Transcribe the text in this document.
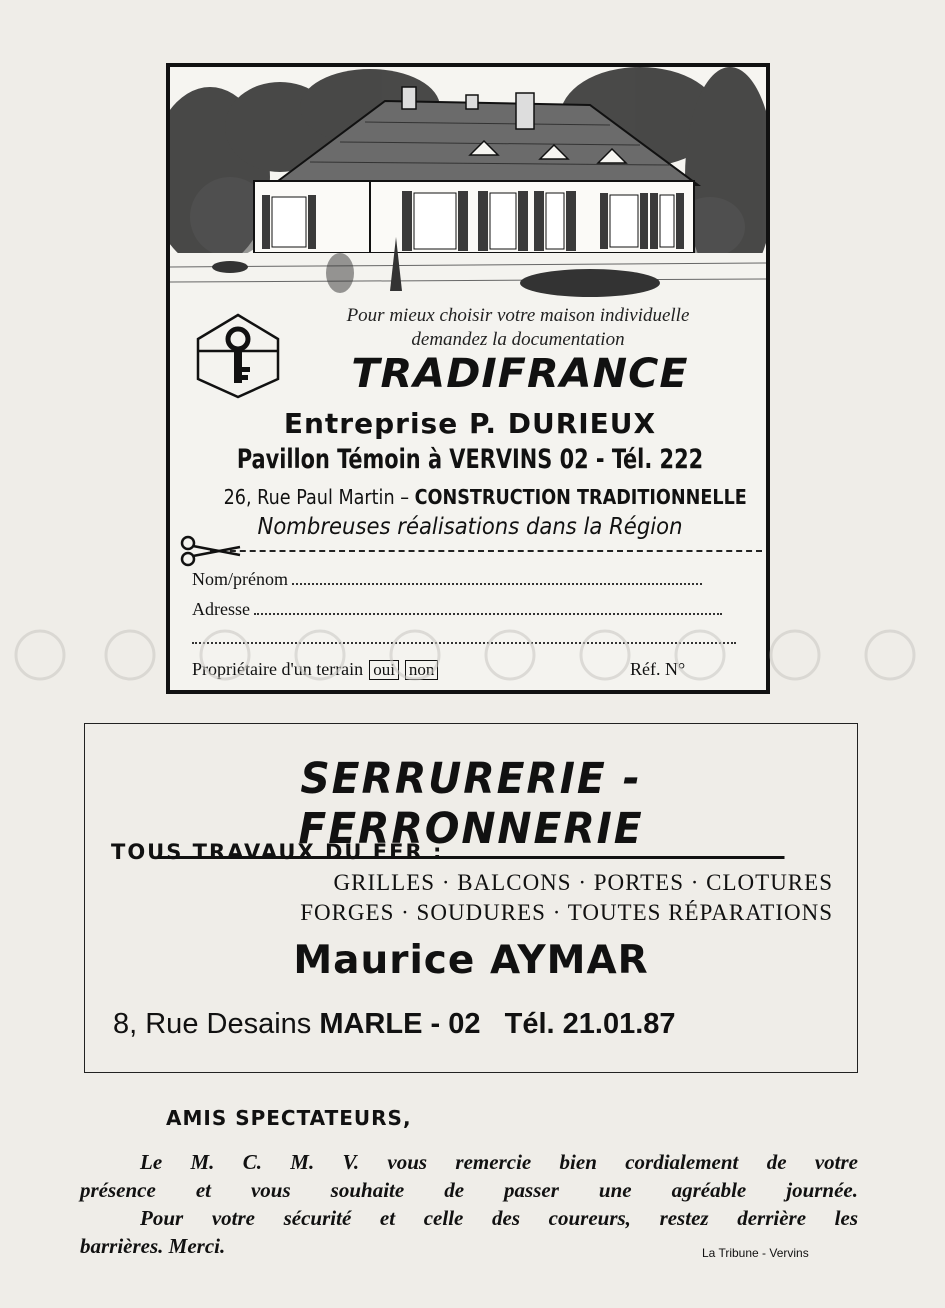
Pour mieux choisir votre maison individuelle
demandez la documentation
TRADIFRANCE
Entreprise P. DURIEUX
Pavillon Témoin à VERVINS 02 - Tél. 222
26, Rue Paul Martin – CONSTRUCTION TRADITIONNELLE
Nombreuses réalisations dans la Région
Nom/prénom
Adresse
Propriétaire d'un terrain oui non	Réf. N°
SERRURERIE - FERRONNERIE
TOUS TRAVAUX DU FER :
GRILLES · BALCONS · PORTES · CLOTURES
FORGES · SOUDURES · TOUTES RÉPARATIONS
Maurice AYMAR
8, Rue Desains MARLE - 02 Tél. 21.01.87
AMIS SPECTATEURS,
Le M. C. M. V. vous remercie bien cordialement de votre
présence et vous souhaite de passer une agréable journée.
Pour votre sécurité et celle des coureurs, restez derrière les
barrières. Merci.	La Tribune - Vervins
